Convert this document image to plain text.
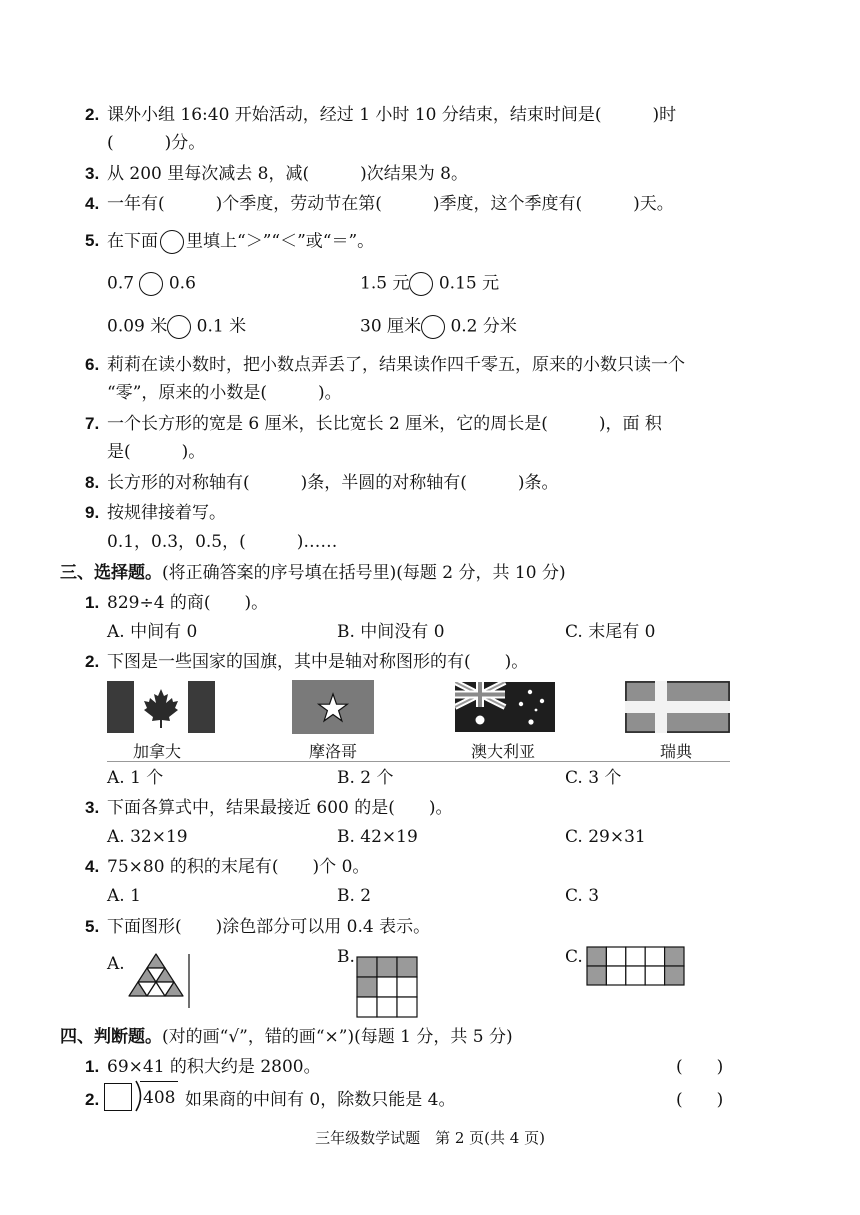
2. 课外小组 16:40 开始活动，经过 1 小时 10 分结束，结束时间是(　　　)时
(　　　)分。
3. 从 200 里每次减去 8，减(　　　)次结果为 8。
4. 一年有(　　　)个季度，劳动节在第(　　　)季度，这个季度有(　　　)天。
5. 在下面 里填上“＞”“＜”或“＝”。
0.7 0.6	1.5 元 0.15 元
0.09 米 0.1 米	30 厘米 0.2 分米
6. 莉莉在读小数时，把小数点弄丢了，结果读作四千零五，原来的小数只读一个
“零”，原来的小数是(　　　)。
7. 一个长方形的宽是 6 厘米，长比宽长 2 厘米，它的周长是(　　　)，面 积
是(　　　)。
8. 长方形的对称轴有(　　　)条，半圆的对称轴有(　　　)条。
9. 按规律接着写。
0.1，0.3，0.5，(　　　)……
三、选择题。(将正确答案的序号填在括号里)(每题 2 分，共 10 分)
1. 829÷4 的商(　　)。
A. 中间有 0	B. 中间没有 0	C. 末尾有 0
2. 下图是一些国家的国旗，其中是轴对称图形的有(　　)。
加拿大	摩洛哥	澳大利亚	瑞典
A. 1 个	B. 2 个	C. 3 个
3. 下面各算式中，结果最接近 600 的是(　　)。
A. 32×19	B. 42×19	C. 29×31
4. 75×80 的积的末尾有(　　)个 0。
A. 1	B. 2	C. 3
5. 下面图形(　　)涂色部分可以用 0.4 表示。
A.	B.	C.
四、判断题。(对的画“√”，错的画“×”)(每题 1 分，共 5 分)
1. 69×41 的积大约是 2800。	(　　)
2.	408 如果商的中间有 0，除数只能是 4。	(　　)
三年级数学试题　第 2 页(共 4 页)
